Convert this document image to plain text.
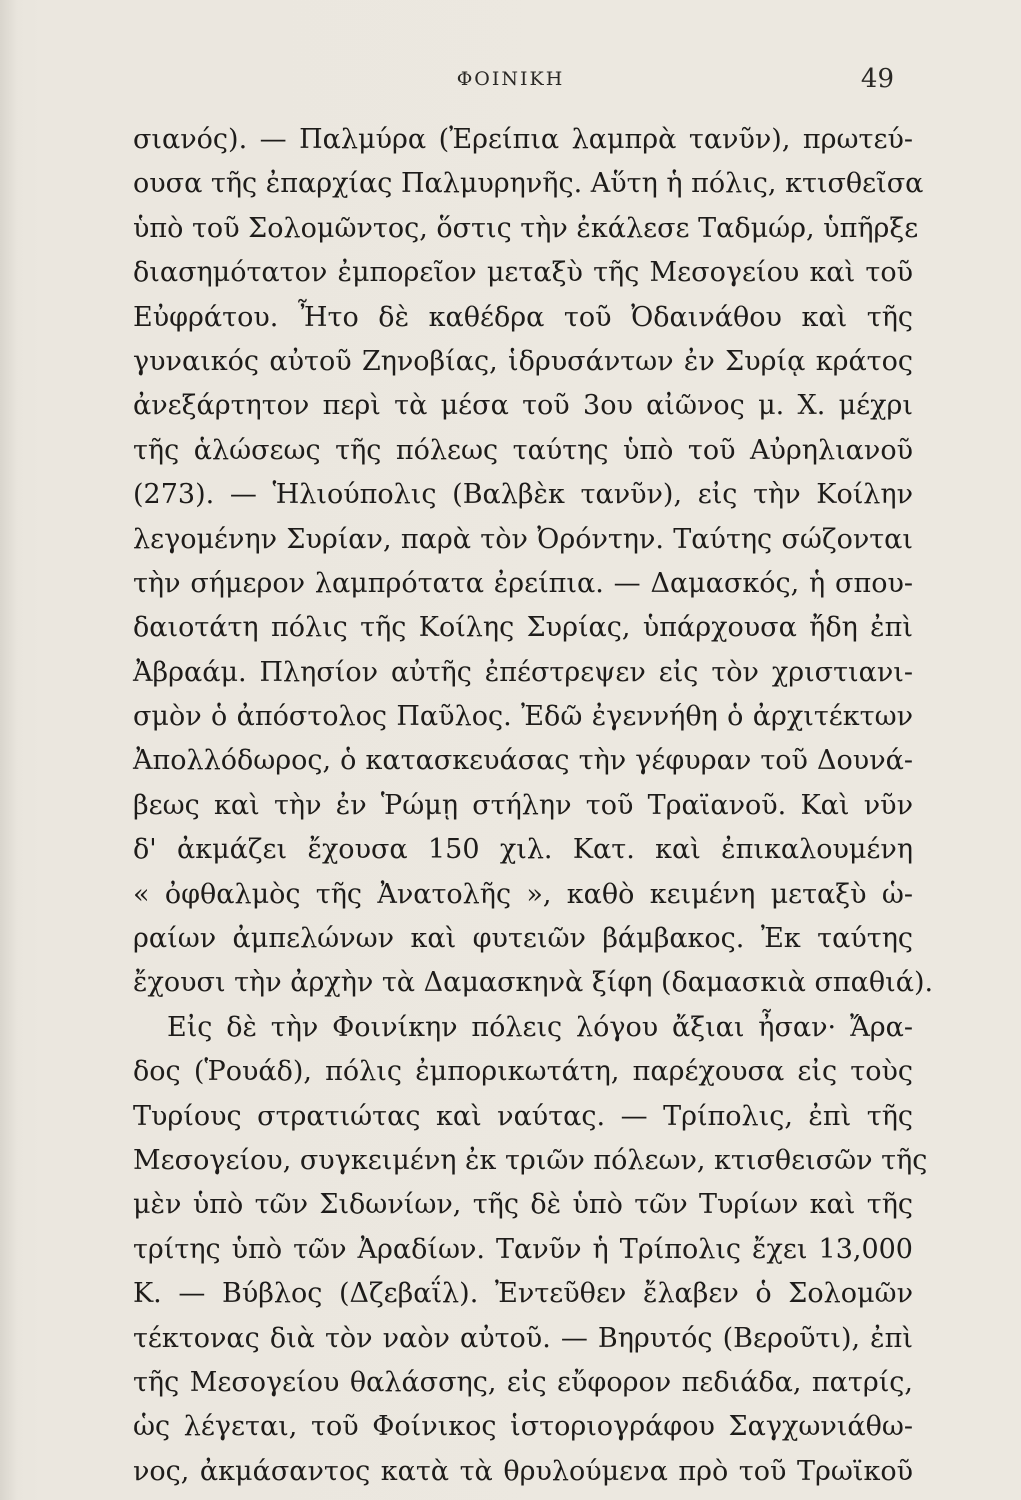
ΦΟΙΝΙΚΗ	49
σιανός). — Παλμύρα (Ἐρείπια λαμπρὰ τανῦν), πρωτεύ-
ουσα τῆς ἐπαρχίας Παλμυρηνῆς. Αὕτη ἡ πόλις, κτισθεῖσα
ὑπὸ τοῦ Σολομῶντος, ὅστις τὴν ἐκάλεσε Ταδμώρ, ὑπῆρξε
διασημότατον ἐμπορεῖον μεταξὺ τῆς Μεσογείου καὶ τοῦ
Εὐφράτου. Ἦτο δὲ καθέδρα τοῦ Ὀδαινάθου καὶ τῆς
γυναικός αὐτοῦ Ζηνοβίας, ἱδρυσάντων ἐν Συρίᾳ κράτος
ἀνεξάρτητον περὶ τὰ μέσα τοῦ 3ου αἰῶνος μ. Χ. μέχρι
τῆς ἁλώσεως τῆς πόλεως ταύτης ὑπὸ τοῦ Αὐρηλιανοῦ
(273). — Ἡλιούπολις (Βαλβὲκ τανῦν), εἰς τὴν Κοίλην
λεγομένην Συρίαν, παρὰ τὸν Ὀρόντην. Ταύτης σώζονται
τὴν σήμερον λαμπρότατα ἐρείπια. — Δαμασκός, ἡ σπου-
δαιοτάτη πόλις τῆς Κοίλης Συρίας, ὑπάρχουσα ἤδη ἐπὶ
Ἀβραάμ. Πλησίον αὐτῆς ἐπέστρεψεν εἰς τὸν χριστιανι-
σμὸν ὁ ἀπόστολος Παῦλος. Ἐδῶ ἐγεννήθη ὁ ἀρχιτέκτων
Ἀπολλόδωρος, ὁ κατασκευάσας τὴν γέφυραν τοῦ Δουνά-
βεως καὶ τὴν ἐν Ῥώμῃ στήλην τοῦ Τραϊανοῦ. Καὶ νῦν
δ' ἀκμάζει ἔχουσα 150 χιλ. Κατ. καὶ ἐπικαλουμένη
« ὀφθαλμὸς τῆς Ἀνατολῆς », καθὸ κειμένη μεταξὺ ὡ-
ραίων ἀμπελώνων καὶ φυτειῶν βάμβακος. Ἐκ ταύτης
ἔχουσι τὴν ἀρχὴν τὰ Δαμασκηνὰ ξίφη (δαμασκιὰ σπαθιά).
Εἰς δὲ τὴν Φοινίκην πόλεις λόγου ἄξιαι ἦσαν· Ἄρα-
δος (Ῥουάδ), πόλις ἐμπορικωτάτη, παρέχουσα εἰς τοὺς
Τυρίους στρατιώτας καὶ ναύτας. — Τρίπολις, ἐπὶ τῆς
Μεσογείου, συγκειμένη ἐκ τριῶν πόλεων, κτισθεισῶν τῆς
μὲν ὑπὸ τῶν Σιδωνίων, τῆς δὲ ὑπὸ τῶν Τυρίων καὶ τῆς
τρίτης ὑπὸ τῶν Ἀραδίων. Τανῦν ἡ Τρίπολις ἔχει 13,000
Κ. — Βύβλος (Δζεβαΐλ). Ἐντεῦθεν ἔλαβεν ὁ Σολομῶν
τέκτονας διὰ τὸν ναὸν αὐτοῦ. — Βηρυτός (Βεροῦτι), ἐπὶ
τῆς Μεσογείου θαλάσσης, εἰς εὔφορον πεδιάδα, πατρίς,
ὡς λέγεται, τοῦ Φοίνικος ἱστοριογράφου Σαγχωνιάθω-
νος, ἀκμάσαντος κατὰ τὰ θρυλούμενα πρὸ τοῦ Τρωϊκοῦ
